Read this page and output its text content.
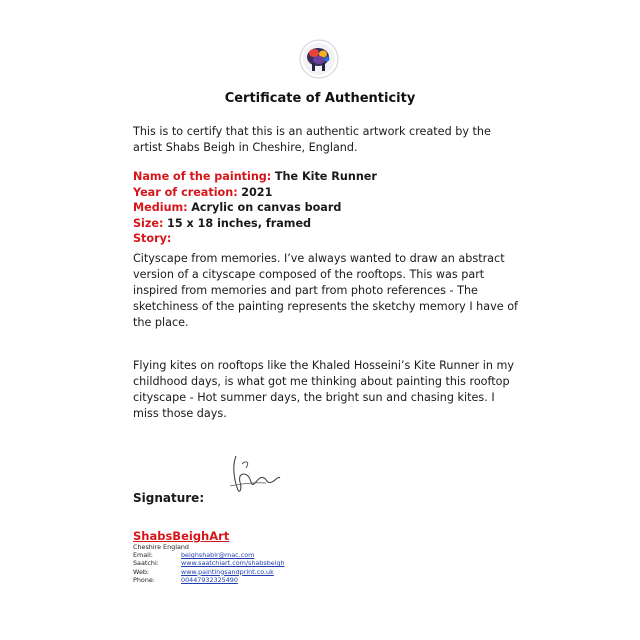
Certificate of Authenticity
This is to certify that this is an authentic artwork created by the artist Shabs Beigh in Cheshire, England.
Name of the painting: The Kite Runner
Year of creation: 2021
Medium: Acrylic on canvas board
Size: 15 x 18 inches, framed
Story:
Cityscape from memories. I’ve always wanted to draw an abstract version of a cityscape composed of the rooftops. This was part inspired from memories and part from photo references - The sketchiness of the painting represents the sketchy memory I have of the place.
Flying kites on rooftops like the Khaled Hosseini’s Kite Runner in my childhood days, is what got me thinking about painting this rooftop cityscape - Hot summer days, the bright sun and chasing kites. I miss those days.
Signature:
ShabsBeighArt
Cheshire England
Email:	beighshabir@mac.com
Saatchi:	www.saatchiart.com/shabsbeigh
Web:	www.paintingsandprint.co.uk
Phone:	00447932325490
